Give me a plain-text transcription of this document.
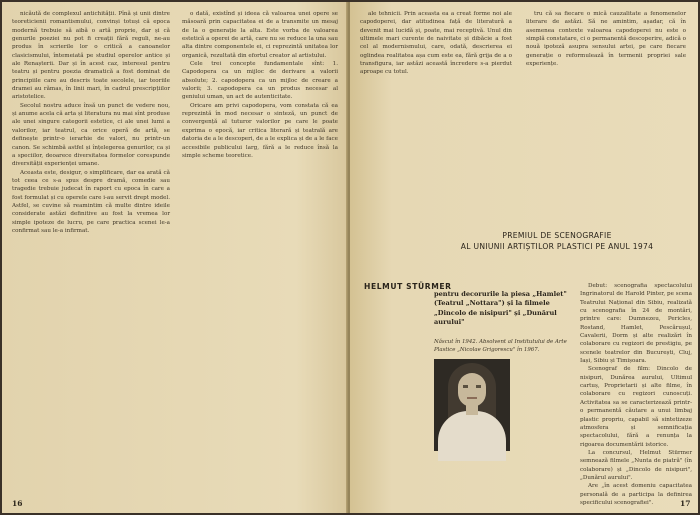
nicăută de complexul antichității. Pînă și unii dintre teoreticienii romantismului, convinși totuși că epoca modernă trebuie să aibă o artă proprie, dar și că genurile poeziei nu pot fi creații fără reguli, ne-au produs în scrierile lor o critică a canoanelor clasicismului, întemeiată pe studiul operelor antice și ale Renașterii. Dar și în acest caz, interesul pentru teatru și pentru poezia dramatică a fost dominat de principiile care au descris toate secolele, iar teoriile dramei au rămas, în linii mari, în cadrul prescripțiilor aristotelice.

Secolul nostru aduce însă un punct de vedere nou, și anume acela că arta și literatura nu mai sînt produse ale unei singure categorii estetice, ci ale unei lumi a valorilor, iar teatrul, ca orice operă de artă, se definește printr-o ierarhie de valori, nu printr-un canon. Se schimbă astfel și înțelegerea genurilor, ca și a speciilor, deoarece diversitatea formelor corespunde diversității experienței umane.

Aceasta este, desigur, o simplificare, dar ea arată că tot ceea ce s-a spus despre dramă, comedie sau tragedie trebuie judecat în raport cu epoca în care a fost formulat și cu operele care i-au servit drept model. Astfel, se cuvine să reamintim că multe dintre ideile considerate astăzi definitive au fost la vremea lor simple ipoteze de lucru, pe care practica scenei le-a confirmat sau le-a infirmat.

o dată, existînd și ideea că valoarea unei opere se măsoară prin capacitatea ei de a transmite un mesaj de la o generație la alta. Este vorba de valoarea estetică a operei de artă, care nu se reduce la una sau alta dintre componentele ei, ci reprezintă unitatea lor organică, rezultată din efortul creator al artistului.

Cele trei concepte fundamentale sînt: 1. Capodopera ca un mijloc de derivare a valorii absolute; 2. capodopera ca un mijloc de creare a valorii; 3. capodopera ca un produs necesar al geniului uman, un act de autenticitate.

Oricare am privi capodopera, vom constata că ea reprezintă în mod necesar o sinteză, un punct de convergență al tuturor valorilor pe care le poate exprima o epocă, iar critica literară și teatrală are datoria de a le descoperi, de a le explica și de a le face accesibile publicului larg, fără a le reduce însă la simple scheme teoretice.

16

ale tehnicii. Prin aceasta ea a creat forme noi ale capodoperei, dar atitudinea față de literatură a devenit mai lucidă și, poate, mai receptivă. Unul din ultimele mari curente de naivitate și dibăcie a fost cel al modernismului, care, odată, descrierea ei oglindea realitatea așa cum este ea, fără grija de a o transfigura, iar astăzi această încredere s-a pierdut aproape cu totul.

tru că sa fiecare o mică cauzalitate a fenomenelor literare de astăzi. Să ne amintim, așadar, că în asemenea contexte valoarea capodoperei nu este o simplă constatare, ci o permanentă descoperire, adică o nouă ipoteză asupra sensului artei, pe care fiecare generație o reformulează în termenii propriei sale experiențe.

Debut: scenografia spectacolului Ingrinatorul de Harold Pinter, pe scena Teatrului Național din Sibiu, realizată cu scenografia în 24 de montări, printre care: Dumnezeu, Pericles, Rostand, Hamlet, Pescărușul, Cavalerii, Dorm și alte realizări în colaborare cu regizori de prestigiu, pe scenele teatrelor din București, Cluj, Iași, Sibiu și Timișoara.

Scenograf de film: Dincolo de nisipuri, Dunărea aurului, Ultimul cartuș, Proprietarii și alte filme, în colaborare cu regizori cunoscuți. Activitatea sa se caracterizează printr-o permanentă căutare a unui limbaj plastic propriu, capabil să sintetizeze atmosfera și semnificația spectacolului, fără a renunța la rigoarea documentării istorice.

La concursul, Helmut Stürmer semnează filmele „Nunta de piatră" (în colaborare) și „Dincolo de nisipuri", „Dunărul aurului".

Are „în acest domeniu capacitatea personală de a participa la definirea specificului scenografiei".	17
PREMIUL DE SCENOGRAFIE
AL UNIUNII ARTIȘTILOR PLASTICI PE ANUL 1974
HELMUT STÜRMER
pentru decorurile la piesa „Hamlet" (Teatrul „Nottara") și la filmele „Dincolo de nisipuri" și „Dunărul aurului"
Născut în 1942. Absolvent al Institutului de Arte Plastice „Nicolae Grigorescu" în 1967.
